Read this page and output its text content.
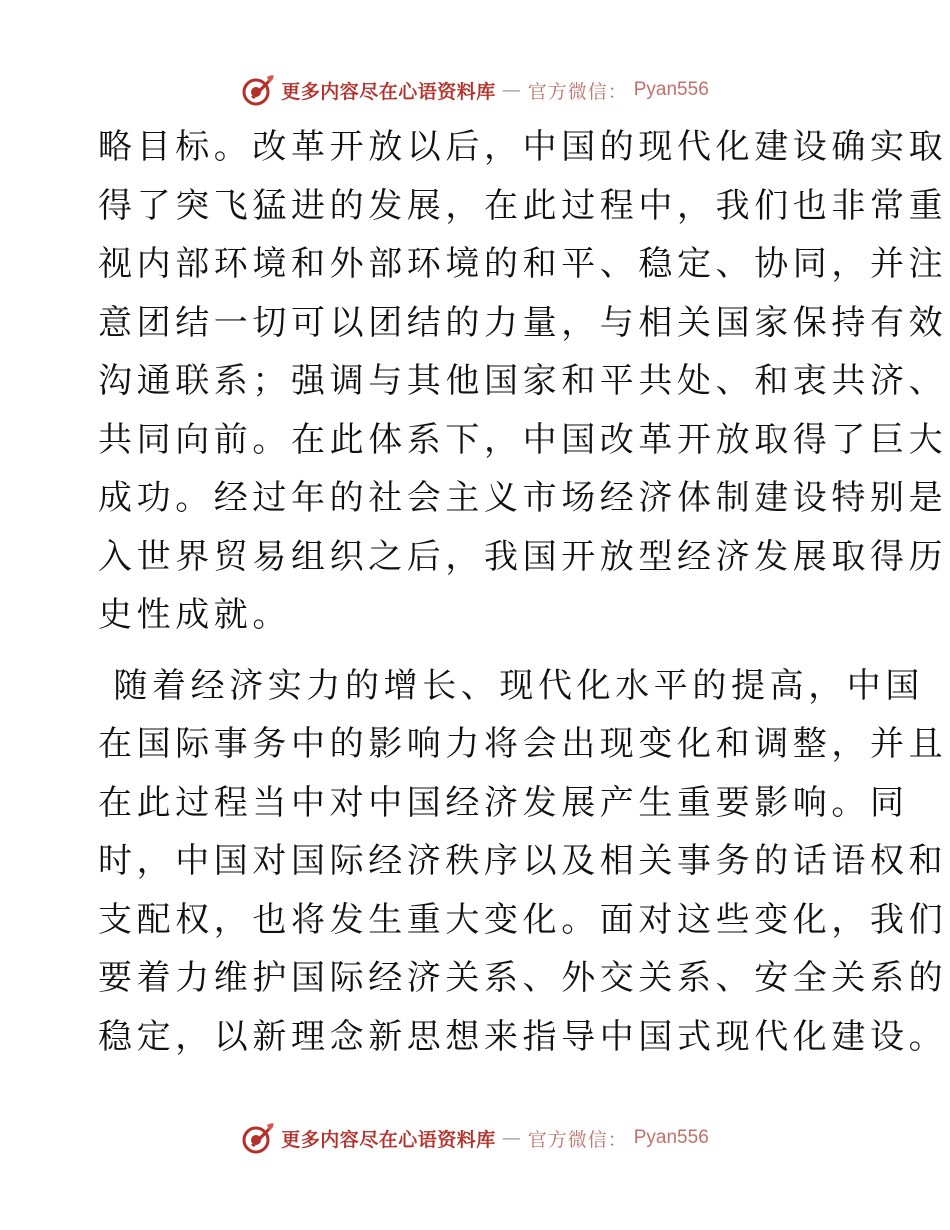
更多内容尽在心语资料库 — 官方微信： Pyan556
略目标。改革开放以后，中国的现代化建设确实取
得了突飞猛进的发展，在此过程中，我们也非常重
视内部环境和外部环境的和平、稳定、协同，并注
意团结一切可以团结的力量，与相关国家保持有效
沟通联系；强调与其他国家和平共处、和衷共济、
共同向前。在此体系下，中国改革开放取得了巨大
成功。经过年的社会主义市场经济体制建设特别是
入世界贸易组织之后，我国开放型经济发展取得历
史性成就。
随着经济实力的增长、现代化水平的提高，中国
在国际事务中的影响力将会出现变化和调整，并且
在此过程当中对中国经济发展产生重要影响。同
时，中国对国际经济秩序以及相关事务的话语权和
支配权，也将发生重大变化。面对这些变化，我们
要着力维护国际经济关系、外交关系、安全关系的
稳定，以新理念新思想来指导中国式现代化建设。
更多内容尽在心语资料库 — 官方微信： Pyan556
